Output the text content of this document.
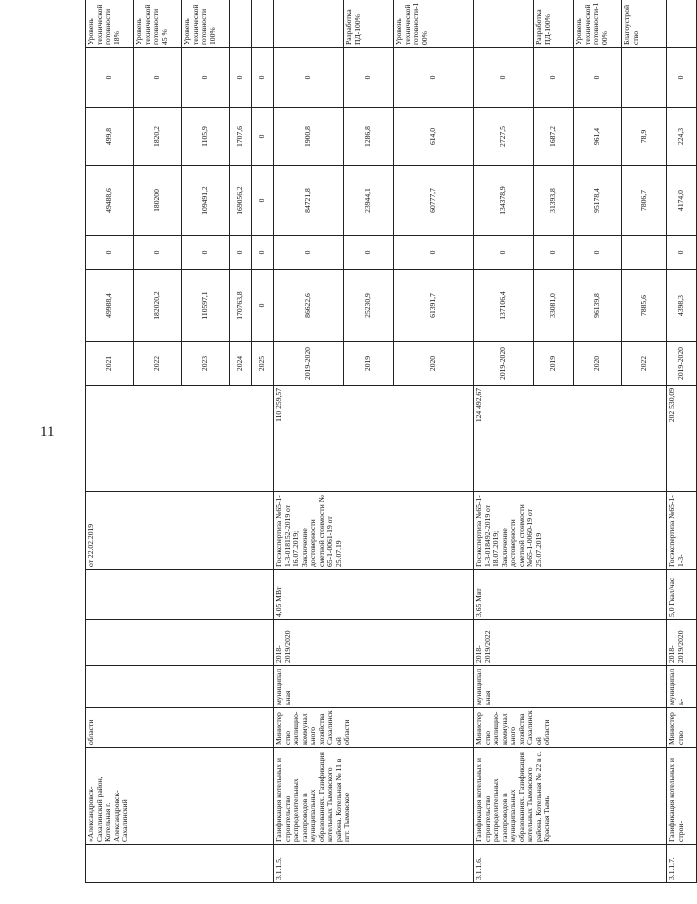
11
	«Александровск-Сахалинский район, Котельная г. Александровск-Сахалинский	области				от 22.02.2019		2021	49988,4	0	49488,6	499,8	0	Уровень технической готовности 18%
								2022	182020,2	0	180200	1820,2	0	Уровень технической готовности 45 %
								2023	110597,1	0	109491,2	1105,9	0	Уровень технической готовности 100%
								2024	170763,8	0	169056,2	1707,6	0	
								2025	0	0	0	0	0	
3.1.1.5.	Газификация котельных и строительство распределительных газопроводов в муниципальных образованиях. Газификация котельных Тымовского района. Котельная № 11 в пгт. Тымовское	Министерство жилищно-коммунального хозяйства Сахалинской области	муниципальная	2018-2019/2020	4,05 МВт	Госэкспертиза №65-1-1-3-018152-2019 от 16.07.2019; Заключение достоверности сметной стоимости № 65-1-0061-19 от 25.07.19	110 259,57	2019-2020	86622,6	0	84721,8	1900,8	0	
								2019	25230,9	0	23944,1	1286,8	0	Разработка ПД-100%
								2020	61391,7	0	60777,7	614,0	0	Уровень технической готовности-100%
3.1.1.6.	Газификация котельных и строительство распределительных газопроводов в муниципальных образованиях. Газификация котельных Тымовского района. Котельная № 22 в с. Красная Тымь	Министерство жилищно-коммунального хозяйства Сахалинской области	муниципальная	2018-2019/2022	3,65 Мвт	Госэкспертиза №65-1-1-3-018492-2019 от 18.07.2019; Заключение достоверности сметной стоимости №65-1-0060-19 от 25.07.2019	124 492,67	2019-2020	137106,4	0	134378,9	2727,5	0	
								2019	33081,0	0	31393,8	1687,2	0	Разработка ПД-100%
								2020	96139,8	0	95178,4	961,4	0	Уровень технической готовности-100%
								2022	7885,6		7806,7	78,9		Благоустройство
3.1.1.7.	Газификация котельных и строи-	Министерство	муниципаль-	2018-2019/2020	5,0 Гкал/час	Госэкспертиза №65-1-1-3-	202 530,09	2019-2020	4398,3	0	4174,0	224,3	0	
